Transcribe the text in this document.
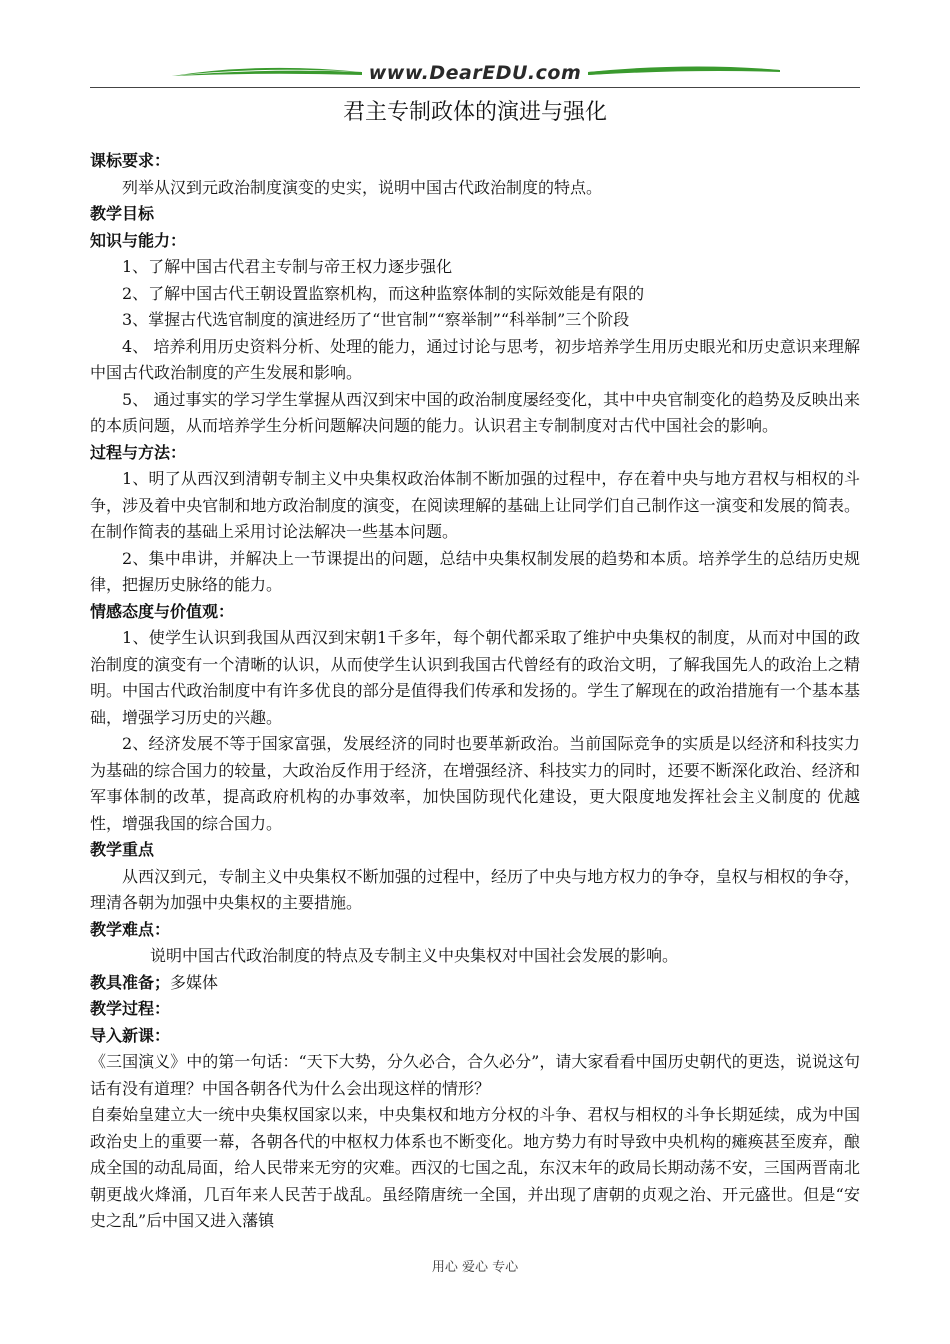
www.DearEDU.com
君主专制政体的演进与强化

课标要求：

列举从汉到元政治制度演变的史实，说明中国古代政治制度的特点。

教学目标

知识与能力：

1、了解中国古代君主专制与帝王权力逐步强化

2、了解中国古代王朝设置监察机构，而这种监察体制的实际效能是有限的

3、掌握古代选官制度的演进经历了“世官制”“察举制”“科举制”三个阶段

4、 培养利用历史资料分析、处理的能力，通过讨论与思考，初步培养学生用历史眼光和历史意识来理解中国古代政治制度的产生发展和影响。

5、 通过事实的学习学生掌握从西汉到宋中国的政治制度屡经变化，其中中央官制变化的趋势及反映出来的本质问题，从而培养学生分析问题解决问题的能力。认识君主专制制度对古代中国社会的影响。

过程与方法：

1、明了从西汉到清朝专制主义中央集权政治体制不断加强的过程中，存在着中央与地方君权与相权的斗争，涉及着中央官制和地方政治制度的演变，在阅读理解的基础上让同学们自己制作这一演变和发展的简表。在制作简表的基础上采用讨论法解决一些基本问题。

2、集中串讲，并解决上一节课提出的问题，总结中央集权制发展的趋势和本质。培养学生的总结历史规律，把握历史脉络的能力。

情感态度与价值观：

1、使学生认识到我国从西汉到宋朝1千多年，每个朝代都采取了维护中央集权的制度，从而对中国的政治制度的演变有一个清晰的认识，从而使学生认识到我国古代曾经有的政治文明，了解我国先人的政治上之精明。中国古代政治制度中有许多优良的部分是值得我们传承和发扬的。学生了解现在的政治措施有一个基本基础，增强学习历史的兴趣。

2、经济发展不等于国家富强，发展经济的同时也要革新政治。当前国际竞争的实质是以经济和科技实力为基础的综合国力的较量，大政治反作用于经济，在增强经济、科技实力的同时，还要不断深化政治、经济和军事体制的改革，提高政府机构的办事效率，加快国防现代化建设，更大限度地发挥社会主义制度的 优越性，增强我国的综合国力。

教学重点

从西汉到元，专制主义中央集权不断加强的过程中，经历了中央与地方权力的争夺，皇权与相权的争夺，理清各朝为加强中央集权的主要措施。

教学难点：

说明中国古代政治制度的特点及专制主义中央集权对中国社会发展的影响。

教具准备；多媒体

教学过程：

导入新课：

《三国演义》中的第一句话：“天下大势，分久必合，合久必分”，请大家看看中国历史朝代的更迭，说说这句话有没有道理？中国各朝各代为什么会出现这样的情形？

自秦始皇建立大一统中央集权国家以来，中央集权和地方分权的斗争、君权与相权的斗争长期延续，成为中国政治史上的重要一幕，各朝各代的中枢权力体系也不断变化。地方势力有时导致中央机构的瘫痪甚至废弃，酿成全国的动乱局面，给人民带来无穷的灾难。西汉的七国之乱，东汉末年的政局长期动荡不安，三国两晋南北朝更战火烽涌，几百年来人民苦于战乱。虽经隋唐统一全国，并出现了唐朝的贞观之治、开元盛世。但是“安史之乱”后中国又进入藩镇

用心 爱心 专心
